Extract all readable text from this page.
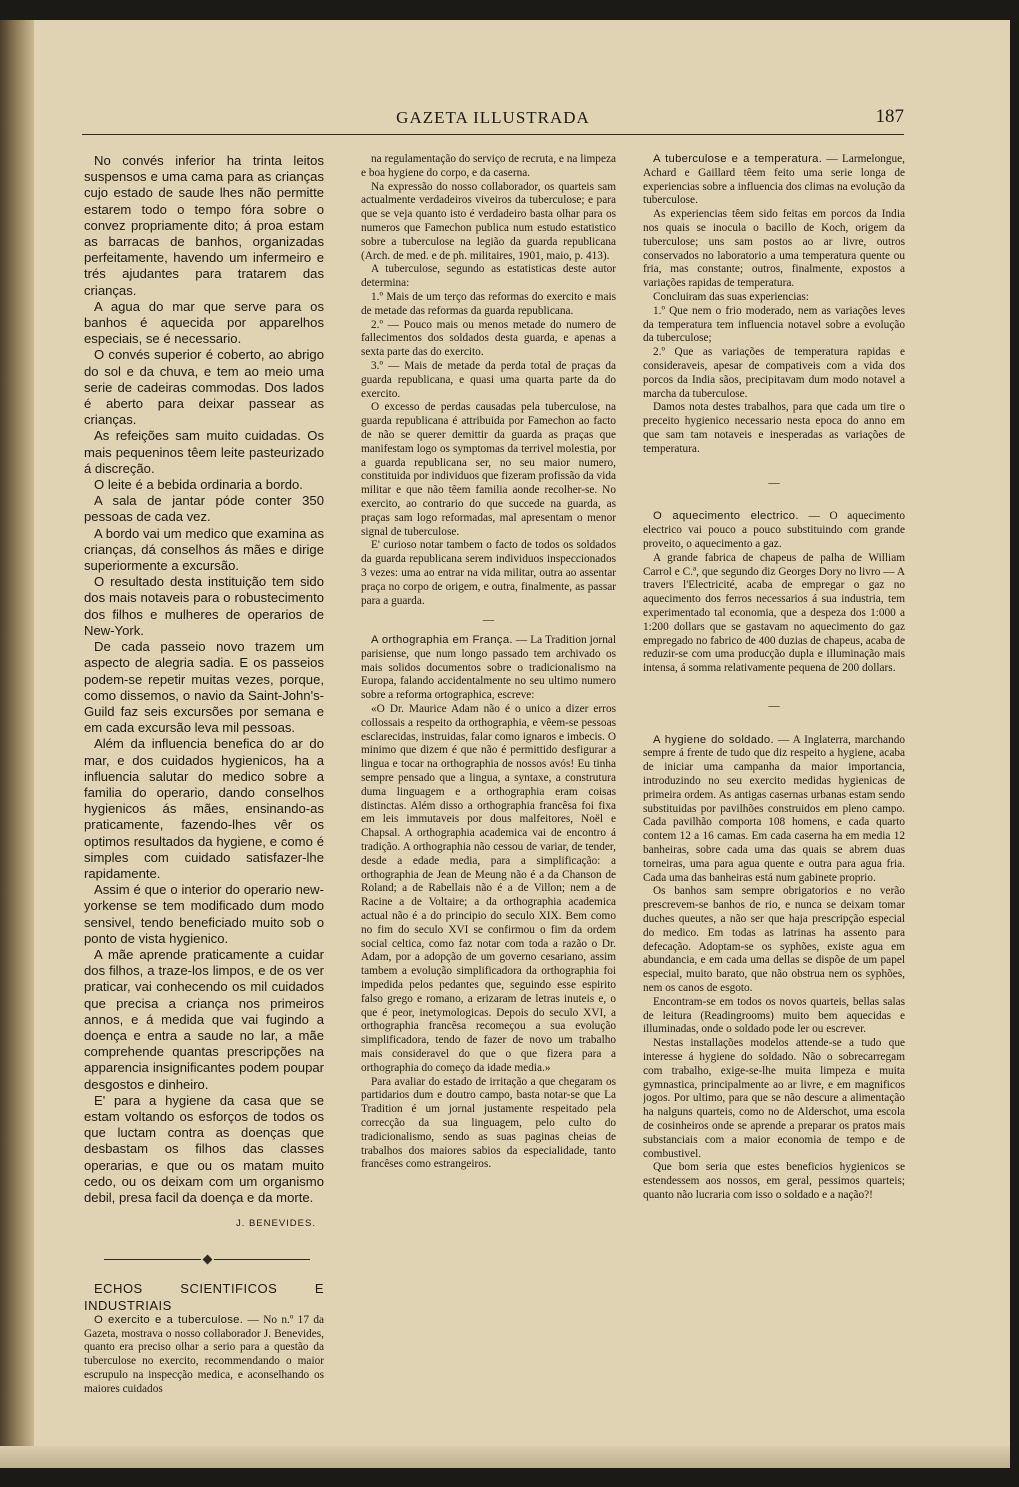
GAZETA ILLUSTRADA	187

No convés inferior ha trinta leitos suspensos e uma cama para as crianças cujo estado de saude lhes não permitte estarem todo o tempo fóra sobre o convez propriamente dito; á proa estam as barracas de banhos, organizadas perfeitamente, havendo um infermeiro e trés ajudantes para tratarem das crianças.

A agua do mar que serve para os banhos é aquecida por apparelhos especiais, se é necessario.

O convés superior é coberto, ao abrigo do sol e da chuva, e tem ao meio uma serie de cadeiras commodas. Dos lados é aberto para deixar passear as crianças.

As refeições sam muito cuidadas. Os mais pequeninos têem leite pasteurizado á discreção.

O leite é a bebida ordinaria a bordo.

A sala de jantar póde conter 350 pessoas de cada vez.

A bordo vai um medico que examina as crianças, dá conselhos ás mães e dirige superiormente a excursão.

O resultado desta instituição tem sido dos mais notaveis para o robustecimento dos filhos e mulheres de operarios de New-York.

De cada passeio novo trazem um aspecto de alegria sadia. E os passeios podem-se repetir muitas vezes, porque, como dissemos, o navio da Saint-John's-Guild faz seis excursões por semana e em cada excursão leva mil pessoas.

Além da influencia benefica do ar do mar, e dos cuidados hygienicos, ha a influencia salutar do medico sobre a familia do operario, dando conselhos hygienicos ás mães, ensinando-as praticamente, fazendo-lhes vêr os optimos resultados da hygiene, e como é simples com cuidado satisfazer-lhe rapidamente.

Assim é que o interior do operario new-yorkense se tem modificado dum modo sensivel, tendo beneficiado muito sob o ponto de vista hygienico.

A mãe aprende praticamente a cuidar dos filhos, a traze-los limpos, e de os ver praticar, vai conhecendo os mil cuidados que precisa a criança nos primeiros annos, e á medida que vai fugindo a doença e entra a saude no lar, a mãe comprehende quantas prescripções na apparencia insignificantes podem poupar desgostos e dinheiro.

E' para a hygiene da casa que se estam voltando os esforços de todos os que luctam contra as doenças que desbastam os filhos das classes operarias, e que ou os matam muito cedo, ou os deixam com um organismo debil, presa facil da doença e da morte.

J. BENEVIDES.

ECHOS SCIENTIFICOS E INDUSTRIAIS

O exercito e a tuberculose. — No n.º 17 da Gazeta, mostrava o nosso collaborador J. Benevides, quanto era preciso olhar a serio para a questão da tuberculose no exercito, recommendando o maior escrupulo na inspecção medica, e aconselhando os maiores cuidados

na regulamentação do serviço de recruta, e na limpeza e boa hygiene do corpo, e da caserna.

Na expressão do nosso collaborador, os quarteis sam actualmente verdadeiros viveiros da tuberculose; e para que se veja quanto isto é verdadeiro basta olhar para os numeros que Famechon publica num estudo estatistico sobre a tuberculose na legião da guarda republicana (Arch. de med. e de ph. militaires, 1901, maio, p. 413).

A tuberculose, segundo as estatisticas deste autor determina:

1.º Mais de um terço das reformas do exercito e mais de metade das reformas da guarda republicana.

2.º — Pouco mais ou menos metade do numero de fallecimentos dos soldados desta guarda, e apenas a sexta parte das do exercito.

3.º — Mais de metade da perda total de praças da guarda republicana, e quasi uma quarta parte da do exercito.

O excesso de perdas causadas pela tuberculose, na guarda republicana é attribuida por Famechon ao facto de não se querer demittir da guarda as praças que manifestam logo os symptomas da terrivel molestia, por a guarda republicana ser, no seu maior numero, constituida por individuos que fizeram profissão da vida militar e que não têem familia aonde recolher-se. No exercito, ao contrario do que succede na guarda, as praças sam logo reformadas, mal apresentam o menor signal de tuberculose.

E' curioso notar tambem o facto de todos os soldados da guarda republicana serem individuos inspeccionados 3 vezes: uma ao entrar na vida militar, outra ao assentar praça no corpo de origem, e outra, finalmente, as passar para a guarda.

—

A orthographia em França. — La Tradition jornal parisiense, que num longo passado tem archivado os mais solidos documentos sobre o tradicionalismo na Europa, falando accidentalmente no seu ultimo numero sobre a reforma ortographica, escreve:

«O Dr. Maurice Adam não é o unico a dizer erros collossais a respeito da orthographia, e vêem-se pessoas esclarecidas, instruidas, falar como ignaros e imbecis. O minimo que dizem é que não é permittido desfigurar a lingua e tocar na orthographia de nossos avós! Eu tinha sempre pensado que a lingua, a syntaxe, a construtura duma linguagem e a orthographia eram coisas distinctas. Além disso a orthographia francêsa foi fixa em leis immutaveis por dous malfeitores, Noël e Chapsal. A orthographia academica vai de encontro á tradição. A orthographia não cessou de variar, de tender, desde a edade media, para a simplificação: a orthographia de Jean de Meung não é a da Chanson de Roland; a de Rabellais não é a de Villon; nem a de Racine a de Voltaire; a da orthographia academica actual não é a do principio do seculo XIX. Bem como no fim do seculo XVI se confirmou o fim da ordem social celtica, como faz notar com toda a razão o Dr. Adam, por a adopção de um governo cesariano, assim tambem a evolução simplificadora da orthographia foi impedida pelos pedantes que, seguindo esse espirito falso grego e romano, a erizaram de letras inuteis e, o que é peor, inetymologicas. Depois do seculo XVI, a orthographia francêsa recomeçou a sua evolução simplificadora, tendo de fazer de novo um trabalho mais consideravel do que o que fizera para a orthographia do começo da idade media.»

Para avaliar do estado de irritação a que chegaram os partidarios dum e doutro campo, basta notar-se que La Tradition é um jornal justamente respeitado pela correcção da sua linguagem, pelo culto do tradicionalismo, sendo as suas paginas cheias de trabalhos dos maiores sabios da especialidade, tanto francêses como estrangeiros.

A tuberculose e a temperatura. — Larmelongue, Achard e Gaillard têem feito uma serie longa de experiencias sobre a influencia dos climas na evolução da tuberculose.

As experiencias têem sido feitas em porcos da India nos quais se inocula o bacillo de Koch, origem da tuberculose; uns sam postos ao ar livre, outros conservados no laboratorio a uma temperatura quente ou fria, mas constante; outros, finalmente, expostos a variações rapidas de temperatura.

Concluiram das suas experiencias:

1.º Que nem o frio moderado, nem as variações leves da temperatura tem influencia notavel sobre a evolução da tuberculose;

2.º Que as variações de temperatura rapidas e consideraveis, apesar de compativeis com a vida dos porcos da India sãos, precipitavam dum modo notavel a marcha da tuberculose.

Damos nota destes trabalhos, para que cada um tire o preceito hygienico necessario nesta epoca do anno em que sam tam notaveis e inesperadas as variações de temperatura.

—

O aquecimento electrico. — O aquecimento electrico vai pouco a pouco substituindo com grande proveito, o aquecimento a gaz.

A grande fabrica de chapeus de palha de William Carrol e C.ª, que segundo diz Georges Dory no livro — A travers l'Electricité, acaba de empregar o gaz no aquecimento dos ferros necessarios á sua industria, tem experimentado tal economia, que a despeza dos 1:000 a 1:200 dollars que se gastavam no aquecimento do gaz empregado no fabrico de 400 duzias de chapeus, acaba de reduzir-se com uma producção dupla e illuminação mais intensa, á somma relativamente pequena de 200 dollars.

—

A hygiene do soldado. — A Inglaterra, marchando sempre á frente de tudo que diz respeito a hygiene, acaba de iniciar uma campanha da maior importancia, introduzindo no seu exercito medidas hygienicas de primeira ordem. As antigas casernas urbanas estam sendo substituidas por pavilhões construidos em pleno campo. Cada pavilhão comporta 108 homens, e cada quarto contem 12 a 16 camas. Em cada caserna ha em media 12 banheiras, sobre cada uma das quais se abrem duas torneiras, uma para agua quente e outra para agua fria. Cada uma das banheiras está num gabinete proprio.

Os banhos sam sempre obrigatorios e no verão prescrevem-se banhos de rio, e nunca se deixam tomar duches queutes, a não ser que haja prescripção especial do medico. Em todas as latrinas ha assento para defecação. Adoptam-se os syphões, existe agua em abundancia, e em cada uma dellas se dispõe de um papel especial, muito barato, que não obstrua nem os syphões, nem os canos de esgoto.

Encontram-se em todos os novos quarteis, bellas salas de leitura (Readingrooms) muito bem aquecidas e illuminadas, onde o soldado pode ler ou escrever.

Nestas installações modelos attende-se a tudo que interesse á hygiene do soldado. Não o sobrecarregam com trabalho, exige-se-lhe muita limpeza e muita gymnastica, principalmente ao ar livre, e em magnificos jogos. Por ultimo, para que se não descure a alimentação ha nalguns quarteis, como no de Alderschot, uma escola de cosinheiros onde se aprende a preparar os pratos mais substanciais com a maior economia de tempo e de combustivel.

Que bom seria que estes beneficios hygienicos se estendessem aos nossos, em geral, pessimos quarteis; quanto não lucraria com isso o soldado e a nação?!
